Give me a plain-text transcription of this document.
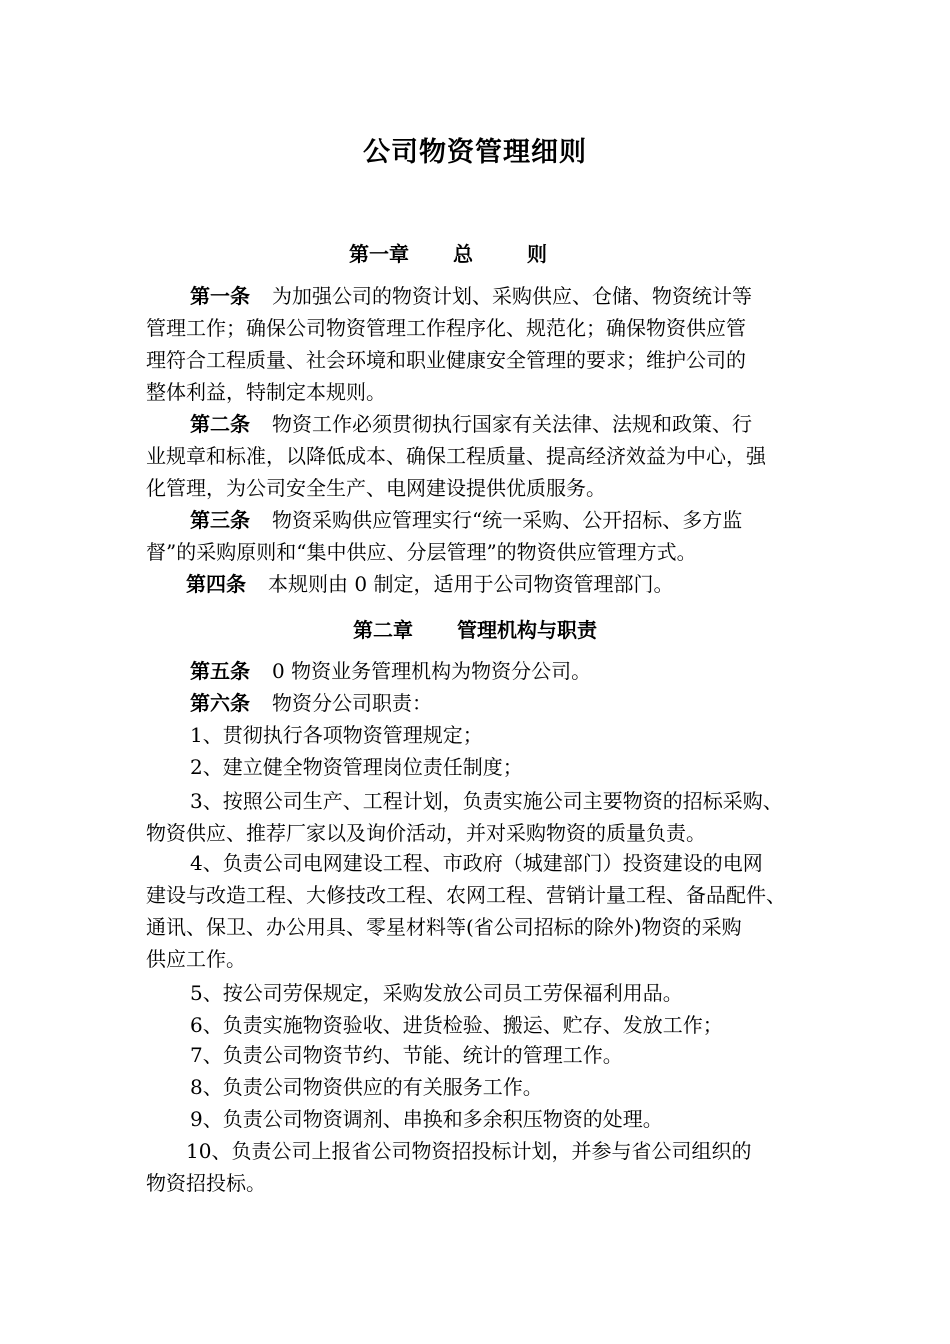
公司物资管理细则
第一章 总则
第一条 为加强公司的物资计划、采购供应、仓储、物资统计等
管理工作；确保公司物资管理工作程序化、规范化；确保物资供应管
理符合工程质量、社会环境和职业健康安全管理的要求；维护公司的
整体利益，特制定本规则。
第二条 物资工作必须贯彻执行国家有关法律、法规和政策、行
业规章和标准，以降低成本、确保工程质量、提高经济效益为中心，强
化管理，为公司安全生产、电网建设提供优质服务。
第三条 物资采购供应管理实行“统一采购、公开招标、多方监
督”的采购原则和“集中供应、分层管理”的物资供应管理方式。
第四条 本规则由 0 制定，适用于公司物资管理部门。
第二章 管理机构与职责
第五条 0 物资业务管理机构为物资分公司。
第六条 物资分公司职责：
1、贯彻执行各项物资管理规定；
2、建立健全物资管理岗位责任制度；
3、按照公司生产、工程计划，负责实施公司主要物资的招标采购、
物资供应、推荐厂家以及询价活动，并对采购物资的质量负责。
4、负责公司电网建设工程、市政府（城建部门）投资建设的电网
建设与改造工程、大修技改工程、农网工程、营销计量工程、备品配件、
通讯、保卫、办公用具、零星材料等(省公司招标的除外)物资的采购
供应工作。
5、按公司劳保规定，采购发放公司员工劳保福利用品。
6、负责实施物资验收、进货检验、搬运、贮存、发放工作；
7、负责公司物资节约、节能、统计的管理工作。
8、负责公司物资供应的有关服务工作。
9、负责公司物资调剂、串换和多余积压物资的处理。
10、负责公司上报省公司物资招投标计划，并参与省公司组织的
物资招投标。
